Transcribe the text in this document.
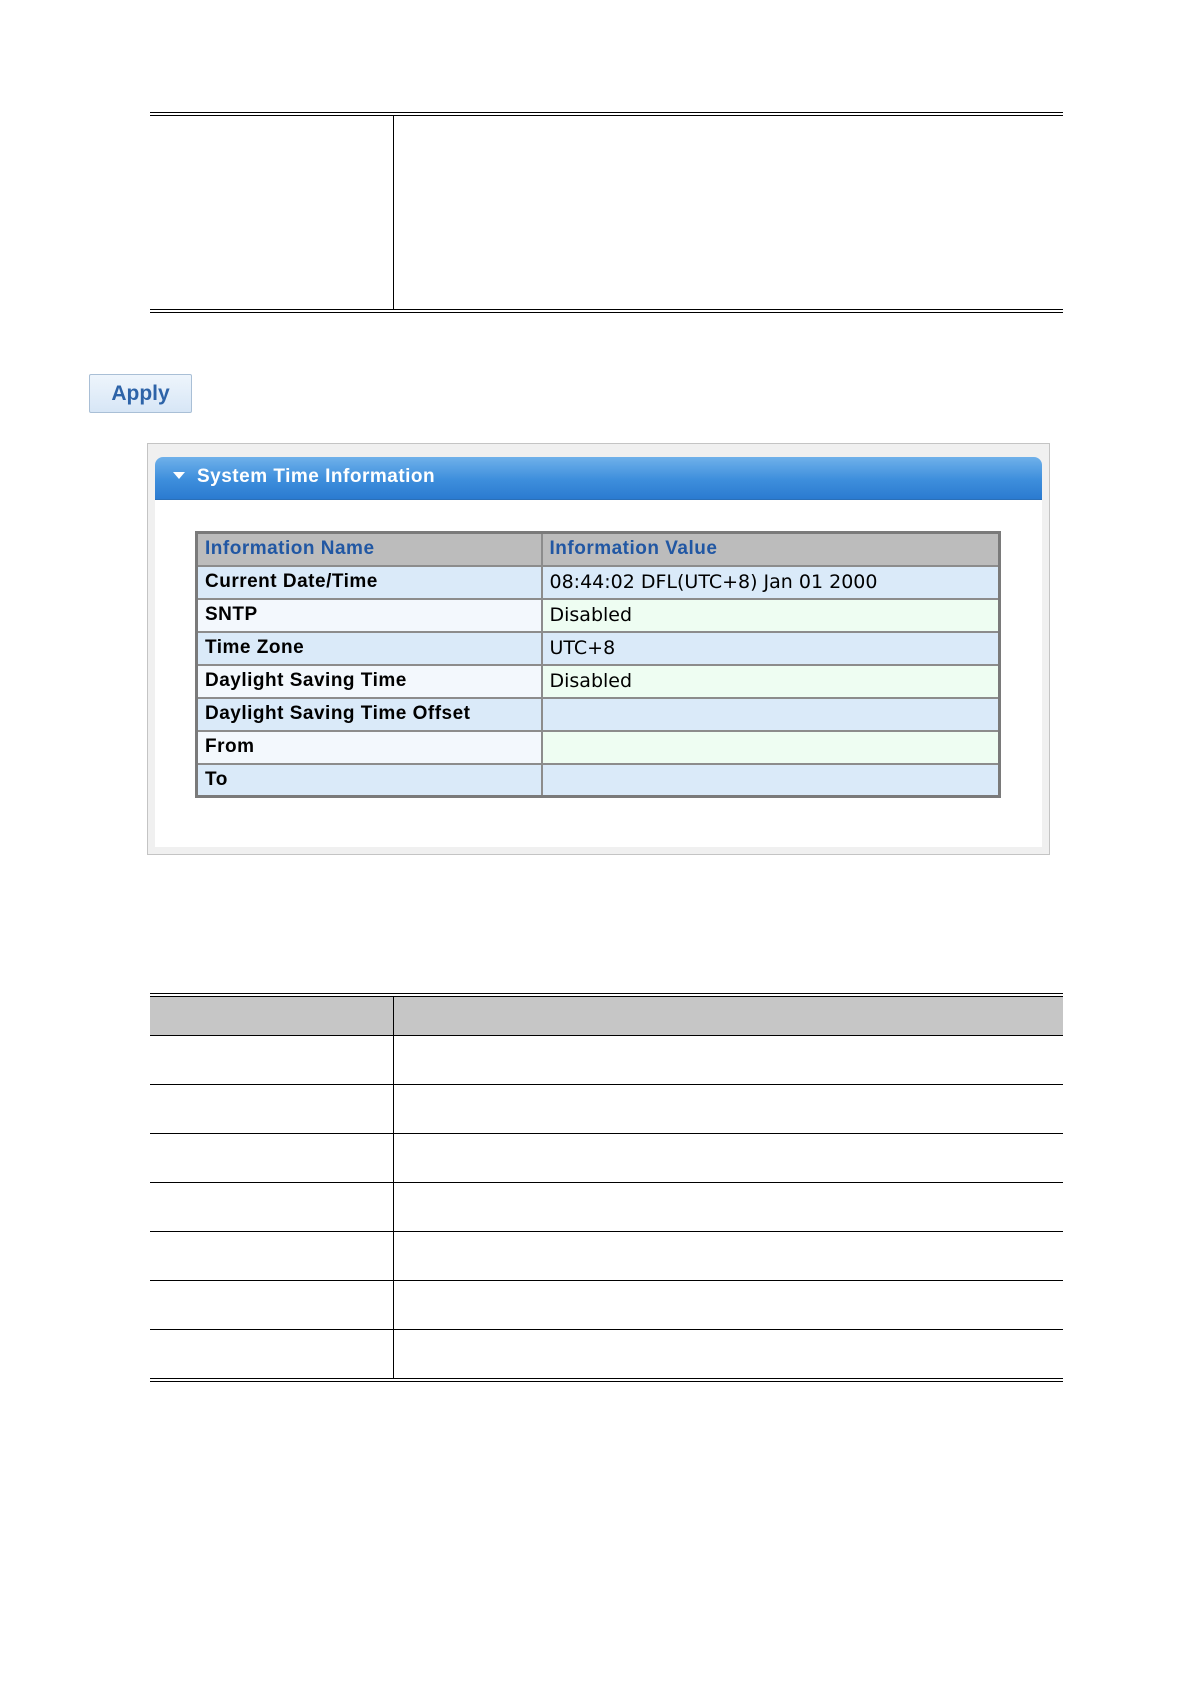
Apply
System Time Information
Information Name	Information Value
Current Date/Time	08:44:02 DFL(UTC+8) Jan 01 2000
SNTP	Disabled
Time Zone	UTC+8
Daylight Saving Time	Disabled
Daylight Saving Time Offset	
From	
To	
